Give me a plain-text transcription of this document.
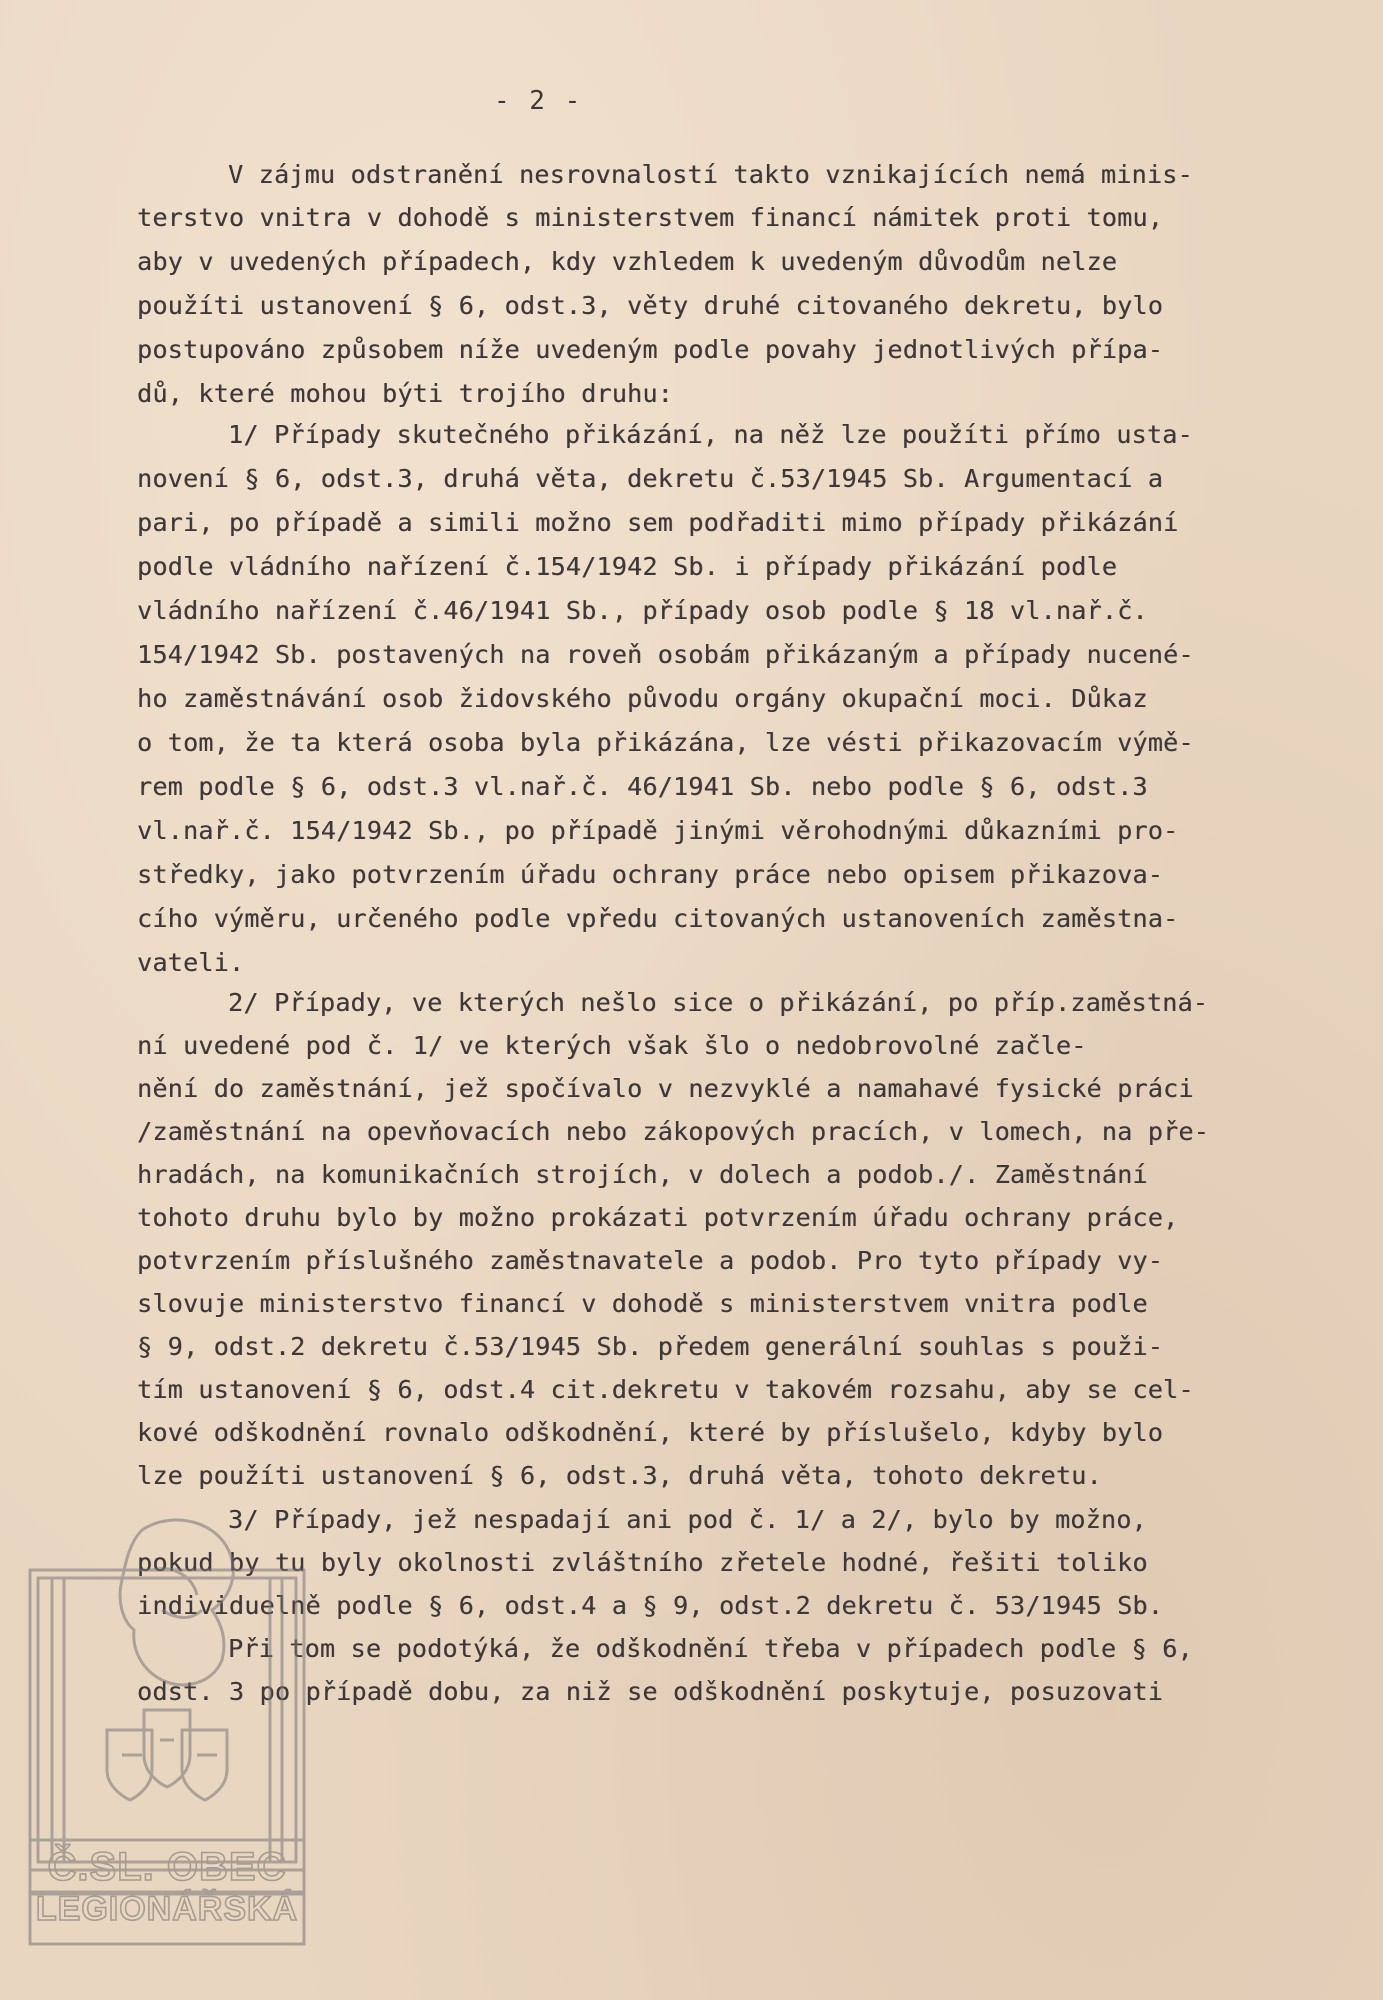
- 2 -
V zájmu odstranění nesrovnalostí takto vznikajících nemá minis-
terstvo vnitra v dohodě s ministerstvem financí námitek proti tomu,
aby v uvedených případech, kdy vzhledem k uvedeným důvodům nelze
použíti ustanovení § 6, odst.3, věty druhé citovaného dekretu, bylo
postupováno způsobem níže uvedeným podle povahy jednotlivých přípa-
dů, které mohou býti trojího druhu:
1/ Případy skutečného přikázání, na něž lze použíti přímo usta-
novení § 6, odst.3, druhá věta, dekretu č.53/1945 Sb. Argumentací a
pari, po případě a simili možno sem podřaditi mimo případy přikázání
podle vládního nařízení č.154/1942 Sb. i případy přikázání podle
vládního nařízení č.46/1941 Sb., případy osob podle § 18 vl.nař.č.
154/1942 Sb. postavených na roveň osobám přikázaným a případy nucené-
ho zaměstnávání osob židovského původu orgány okupační moci. Důkaz
o tom, že ta která osoba byla přikázána, lze vésti přikazovacím výmě-
rem podle § 6, odst.3 vl.nař.č. 46/1941 Sb. nebo podle § 6, odst.3
vl.nař.č. 154/1942 Sb., po případě jinými věrohodnými důkazními pro-
středky, jako potvrzením úřadu ochrany práce nebo opisem přikazova-
cího výměru, určeného podle vpředu citovaných ustanoveních zaměstna-
vateli.
2/ Případy, ve kterých nešlo sice o přikázání, po příp.zaměstná-
ní uvedené pod č. 1/ ve kterých však šlo o nedobrovolné začle-
nění do zaměstnání, jež spočívalo v nezvyklé a namahavé fysické práci
/zaměstnání na opevňovacích nebo zákopových pracích, v lomech, na pře-
hradách, na komunikačních strojích, v dolech a podob./. Zaměstnání
tohoto druhu bylo by možno prokázati potvrzením úřadu ochrany práce,
potvrzením příslušného zaměstnavatele a podob. Pro tyto případy vy-
slovuje ministerstvo financí v dohodě s ministerstvem vnitra podle
§ 9, odst.2 dekretu č.53/1945 Sb. předem generální souhlas s použi-
tím ustanovení § 6, odst.4 cit.dekretu v takovém rozsahu, aby se cel-
kové odškodnění rovnalo odškodnění, které by příslušelo, kdyby bylo
lze použíti ustanovení § 6, odst.3, druhá věta, tohoto dekretu.
3/ Případy, jež nespadají ani pod č. 1/ a 2/, bylo by možno,
pokud by tu byly okolnosti zvláštního zřetele hodné, řešiti toliko
individuelně podle § 6, odst.4 a § 9, odst.2 dekretu č. 53/1945 Sb.
Při tom se podotýká, že odškodnění třeba v případech podle § 6,
odst. 3 po případě dobu, za niž se odškodnění poskytuje, posuzovati
Č.SL. OBEC
LEGIONÁŘSKÁ
